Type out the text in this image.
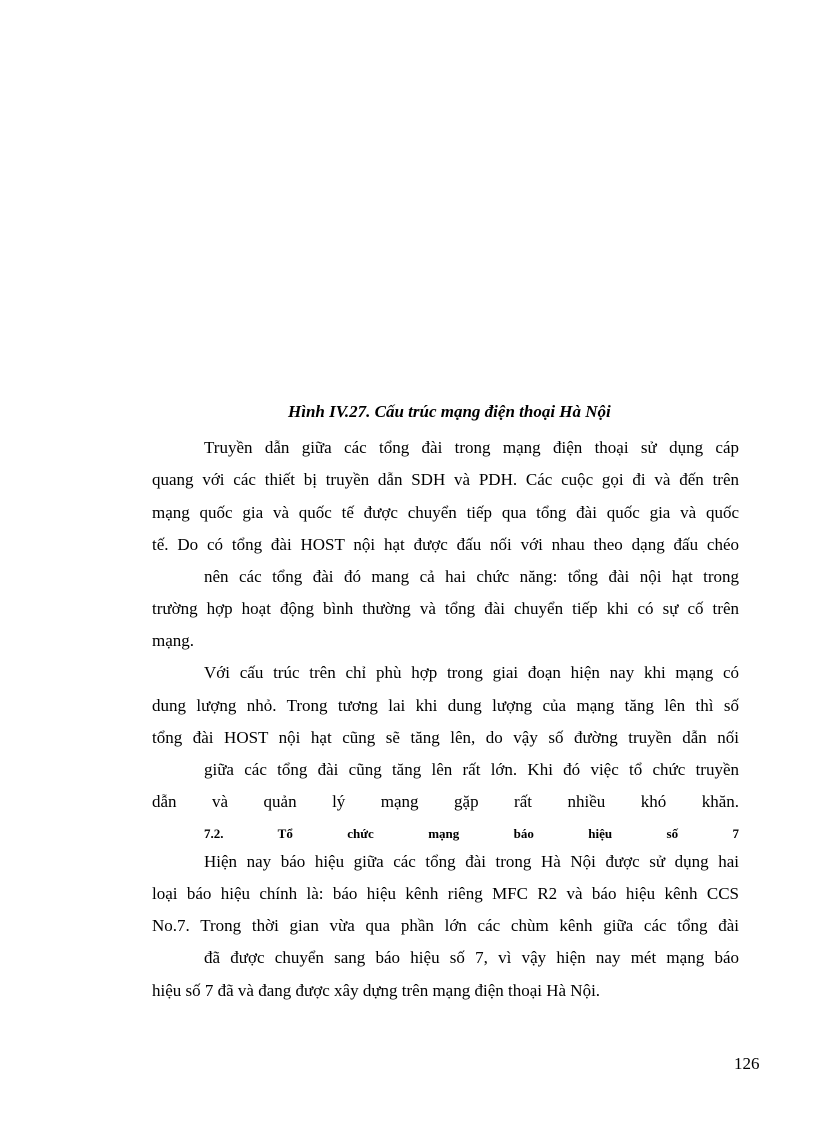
Hình IV.27. Cấu trúc mạng điện thoại Hà Nội
Truyền dẫn giữa các tổng đài trong mạng điện thoại sử dụng cáp
quang với các thiết bị truyền dẫn SDH và PDH. Các cuộc gọi đi và đến trên
mạng quốc gia và quốc tế được chuyển tiếp qua tổng đài quốc gia và quốc
tế. Do có tổng đài HOST nội hạt được đấu nối với nhau theo dạng đấu chéo
nên các tổng đài đó mang cả hai chức năng: tổng đài nội hạt trong
trường hợp hoạt động bình thường và tổng đài chuyển tiếp khi có sự cố trên
mạng.
Với cấu trúc trên chỉ phù hợp trong giai đoạn hiện nay khi mạng có
dung lượng nhỏ. Trong tương lai khi dung lượng của mạng tăng lên thì số
tổng đài HOST nội hạt cũng sẽ tăng lên, do vậy số đường truyền dẫn nối
giữa các tổng đài cũng tăng lên rất lớn. Khi đó việc tổ chức truyền
dẫn và quản lý mạng gặp rất nhiều khó khăn.
7.2. Tổ chức mạng báo hiệu số 7
Hiện nay báo hiệu giữa các tổng đài trong Hà Nội được sử dụng hai
loại báo hiệu chính là: báo hiệu kênh riêng MFC R2 và báo hiệu kênh CCS
No.7. Trong thời gian vừa qua phần lớn các chùm kênh giữa các tổng đài
đã được chuyển sang báo hiệu số 7, vì vậy hiện nay mét mạng báo
hiệu số 7 đã và đang được xây dựng trên mạng điện thoại Hà Nội.
126
